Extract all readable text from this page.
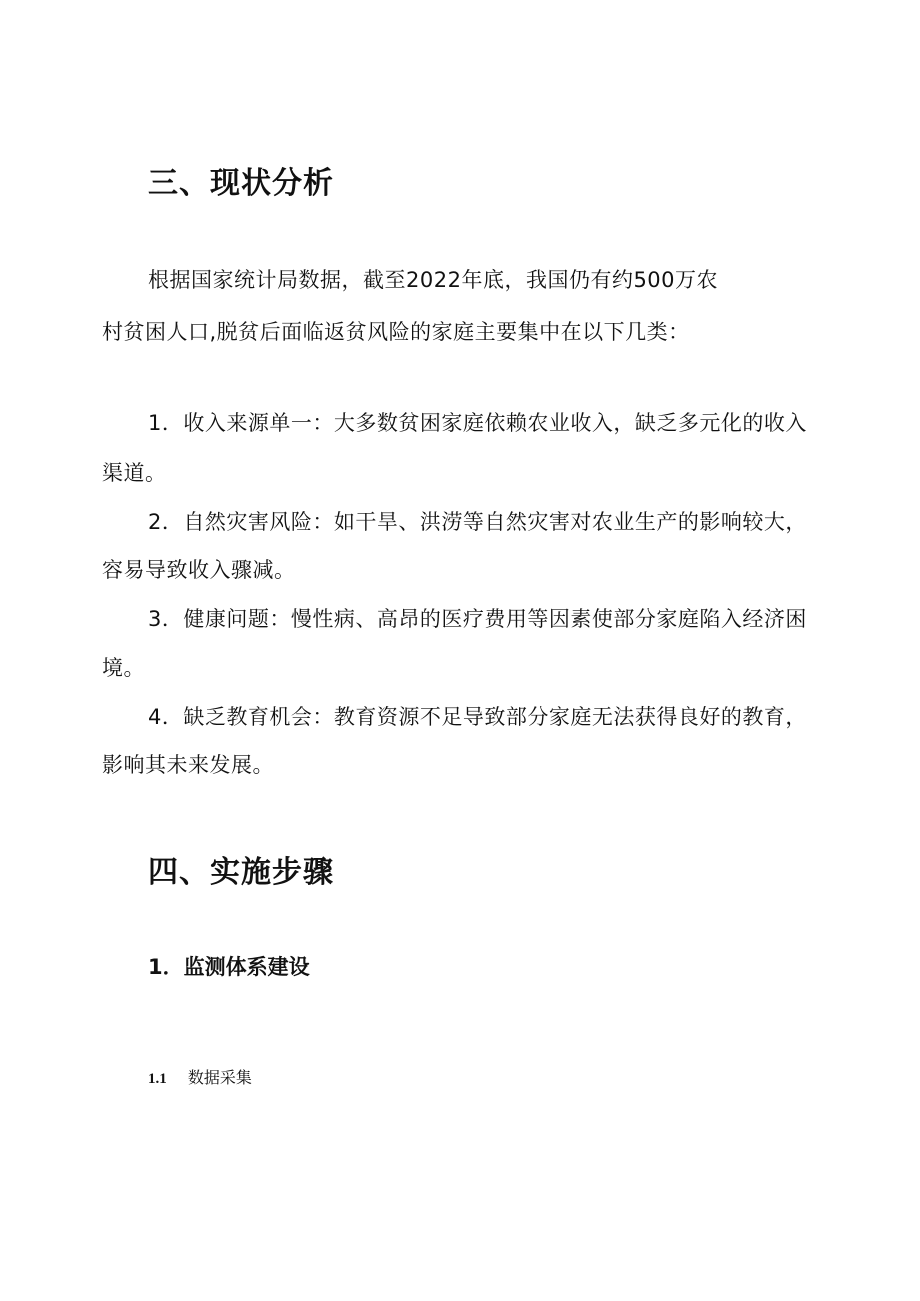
三、现状分析

根据国家统计局数据，截至2022年底，我国仍有约500万农

村贫困人口,脱贫后面临返贫风险的家庭主要集中在以下几类：

1．收入来源单一：大多数贫困家庭依赖农业收入，缺乏多元化的收入

渠道。

2．自然灾害风险：如干旱、洪涝等自然灾害对农业生产的影响较大，

容易导致收入骤减。

3．健康问题：慢性病、高昂的医疗费用等因素使部分家庭陷入经济困

境。

4．缺乏教育机会：教育资源不足导致部分家庭无法获得良好的教育，

影响其未来发展。

四、实施步骤
1．监测体系建设
1.1 数据采集
